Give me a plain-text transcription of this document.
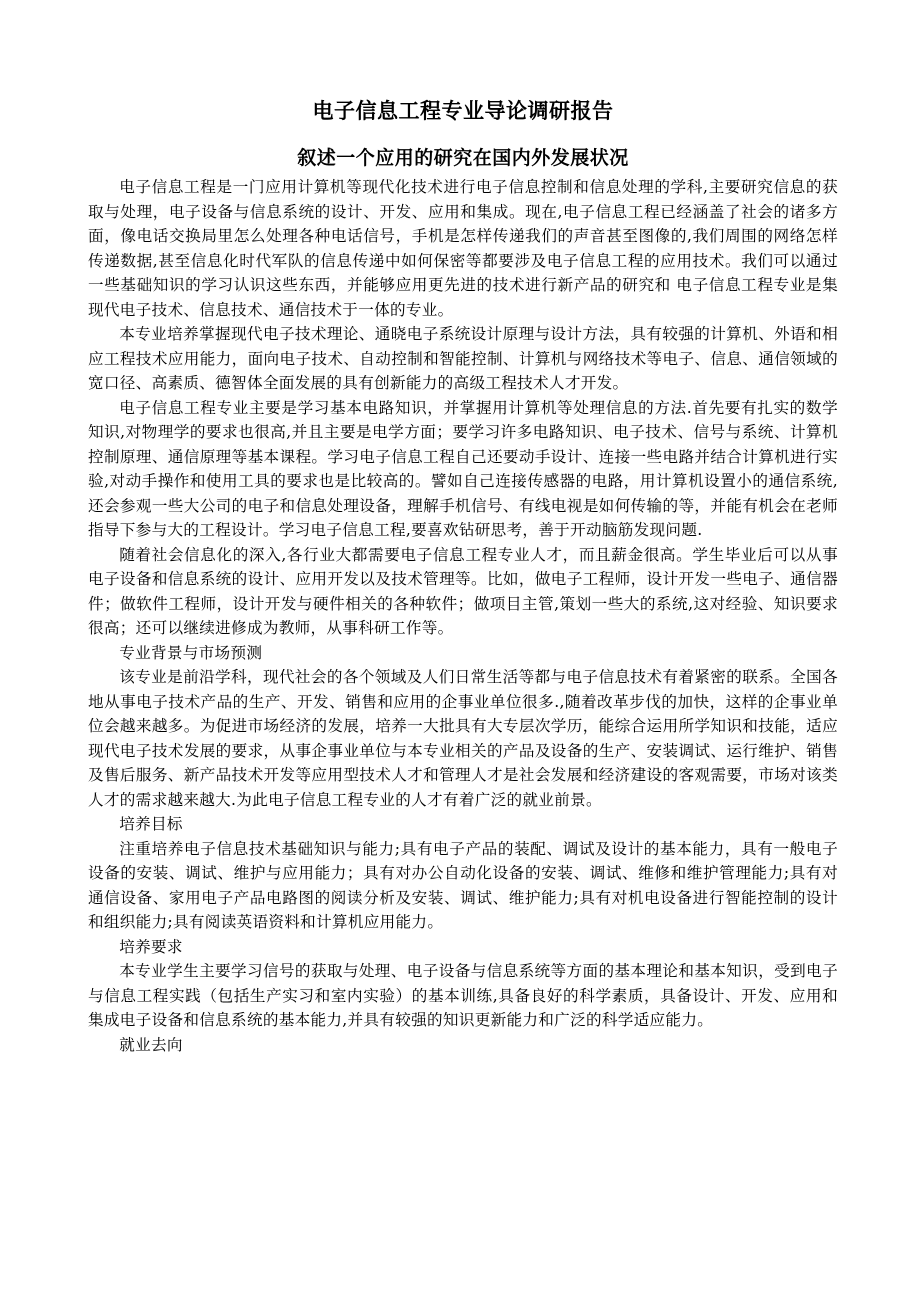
电子信息工程专业导论调研报告
叙述一个应用的研究在国内外发展状况

电子信息工程是一门应用计算机等现代化技术进行电子信息控制和信息处理的学科,主要研究信息的获取与处理，电子设备与信息系统的设计、开发、应用和集成。现在,电子信息工程已经涵盖了社会的诸多方面，像电话交换局里怎么处理各种电话信号，手机是怎样传递我们的声音甚至图像的,我们周围的网络怎样传递数据,甚至信息化时代军队的信息传递中如何保密等都要涉及电子信息工程的应用技术。我们可以通过一些基础知识的学习认识这些东西，并能够应用更先进的技术进行新产品的研究和 电子信息工程专业是集现代电子技术、信息技术、通信技术于一体的专业。

本专业培养掌握现代电子技术理论、通晓电子系统设计原理与设计方法，具有较强的计算机、外语和相应工程技术应用能力，面向电子技术、自动控制和智能控制、计算机与网络技术等电子、信息、通信领域的宽口径、高素质、德智体全面发展的具有创新能力的高级工程技术人才开发。

电子信息工程专业主要是学习基本电路知识，并掌握用计算机等处理信息的方法.首先要有扎实的数学知识,对物理学的要求也很高,并且主要是电学方面；要学习许多电路知识、电子技术、信号与系统、计算机控制原理、通信原理等基本课程。学习电子信息工程自己还要动手设计、连接一些电路并结合计算机进行实验,对动手操作和使用工具的要求也是比较高的。譬如自己连接传感器的电路，用计算机设置小的通信系统,还会参观一些大公司的电子和信息处理设备，理解手机信号、有线电视是如何传输的等，并能有机会在老师指导下参与大的工程设计。学习电子信息工程,要喜欢钻研思考，善于开动脑筋发现问题.

随着社会信息化的深入,各行业大都需要电子信息工程专业人才，而且薪金很高。学生毕业后可以从事电子设备和信息系统的设计、应用开发以及技术管理等。比如，做电子工程师，设计开发一些电子、通信器件；做软件工程师，设计开发与硬件相关的各种软件；做项目主管,策划一些大的系统,这对经验、知识要求很高；还可以继续进修成为教师，从事科研工作等。

专业背景与市场预测

该专业是前沿学科，现代社会的各个领域及人们日常生活等都与电子信息技术有着紧密的联系。全国各地从事电子技术产品的生产、开发、销售和应用的企事业单位很多.,随着改革步伐的加快，这样的企事业单位会越来越多。为促进市场经济的发展，培养一大批具有大专层次学历，能综合运用所学知识和技能，适应现代电子技术发展的要求，从事企事业单位与本专业相关的产品及设备的生产、安装调试、运行维护、销售及售后服务、新产品技术开发等应用型技术人才和管理人才是社会发展和经济建设的客观需要，市场对该类人才的需求越来越大.为此电子信息工程专业的人才有着广泛的就业前景。

培养目标

注重培养电子信息技术基础知识与能力;具有电子产品的装配、调试及设计的基本能力，具有一般电子设备的安装、调试、维护与应用能力；具有对办公自动化设备的安装、调试、维修和维护管理能力;具有对通信设备、家用电子产品电路图的阅读分析及安装、调试、维护能力;具有对机电设备进行智能控制的设计和组织能力;具有阅读英语资料和计算机应用能力。

培养要求

本专业学生主要学习信号的获取与处理、电子设备与信息系统等方面的基本理论和基本知识，受到电子与信息工程实践（包括生产实习和室内实验）的基本训练,具备良好的科学素质，具备设计、开发、应用和集成电子设备和信息系统的基本能力,并具有较强的知识更新能力和广泛的科学适应能力。

就业去向
